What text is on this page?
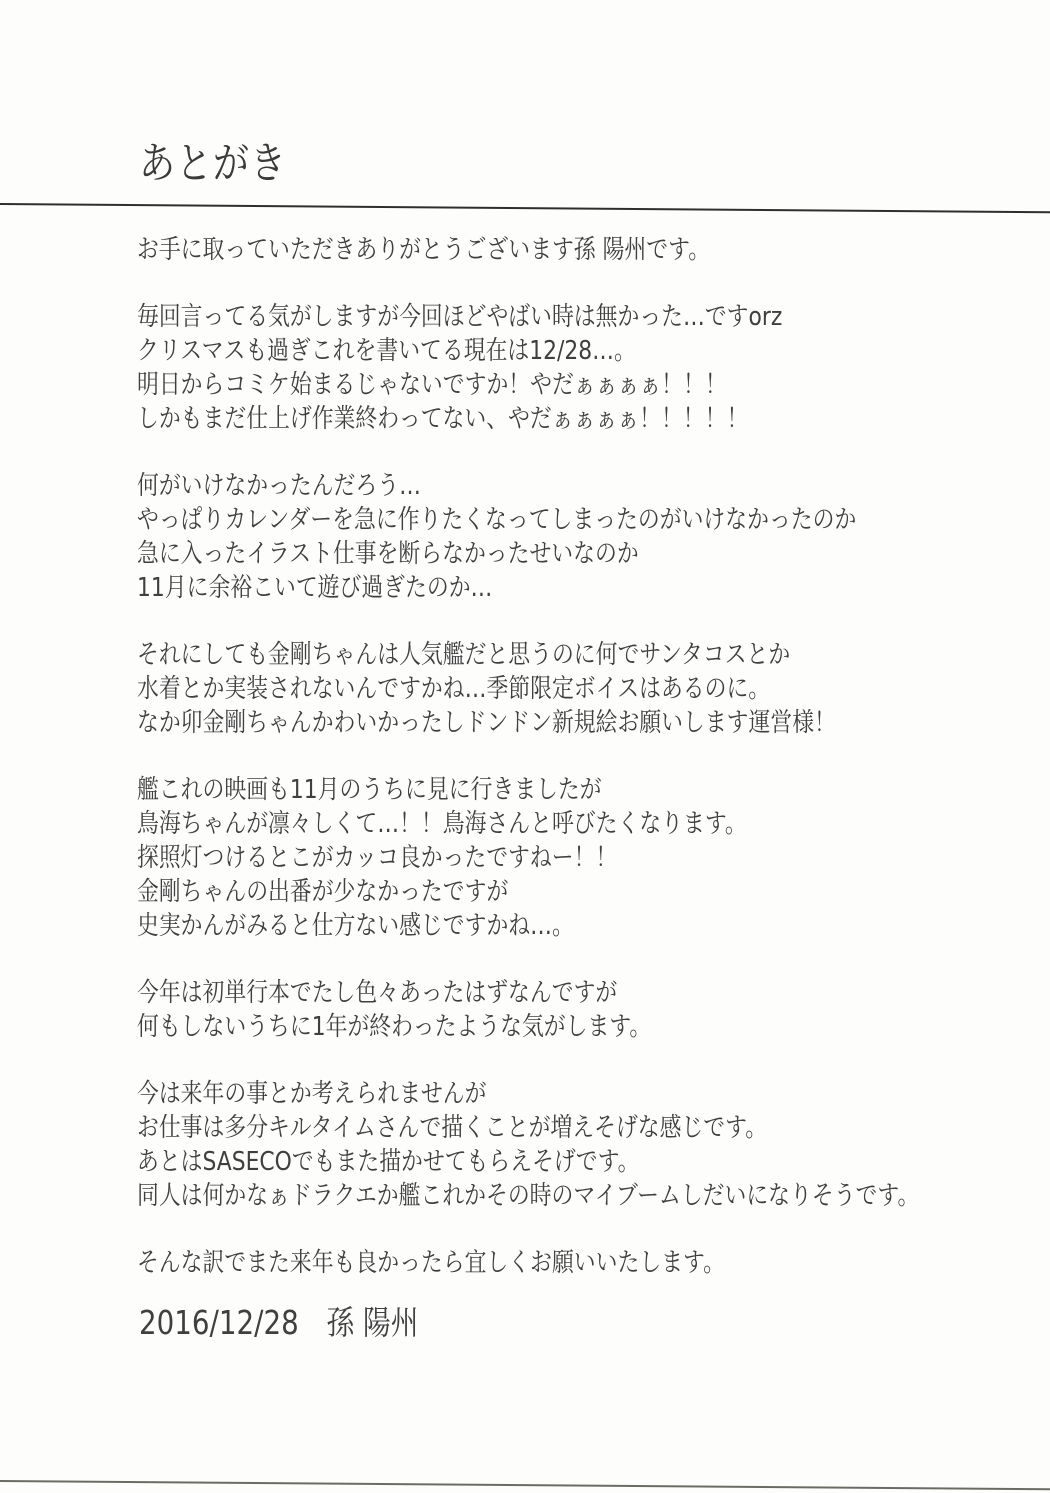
あとがき

お手に取っていただきありがとうございます孫 陽州です。

毎回言ってる気がしますが今回ほどやばい時は無かった…ですorz
クリスマスも過ぎこれを書いてる現在は12/28…。
明日からコミケ始まるじゃないですか！やだぁぁぁぁ！！！
しかもまだ仕上げ作業終わってない、やだぁぁぁぁ！！！！！

何がいけなかったんだろう…
やっぱりカレンダーを急に作りたくなってしまったのがいけなかったのか
急に入ったイラスト仕事を断らなかったせいなのか
11月に余裕こいて遊び過ぎたのか…

それにしても金剛ちゃんは人気艦だと思うのに何でサンタコスとか
水着とか実装されないんですかね…季節限定ボイスはあるのに。
なか卯金剛ちゃんかわいかったしドンドン新規絵お願いします運営様！

艦これの映画も11月のうちに見に行きましたが
鳥海ちゃんが凛々しくて…！！鳥海さんと呼びたくなります。
探照灯つけるとこがカッコ良かったですねー！！
金剛ちゃんの出番が少なかったですが
史実かんがみると仕方ない感じですかね…。

今年は初単行本でたし色々あったはずなんですが
何もしないうちに1年が終わったような気がします。

今は来年の事とか考えられませんが
お仕事は多分キルタイムさんで描くことが増えそげな感じです。
あとはSASECOでもまた描かせてもらえそげです。
同人は何かなぁドラクエか艦これかその時のマイブームしだいになりそうです。

そんな訳でまた来年も良かったら宜しくお願いいたします。

2016/12/28　孫 陽州
